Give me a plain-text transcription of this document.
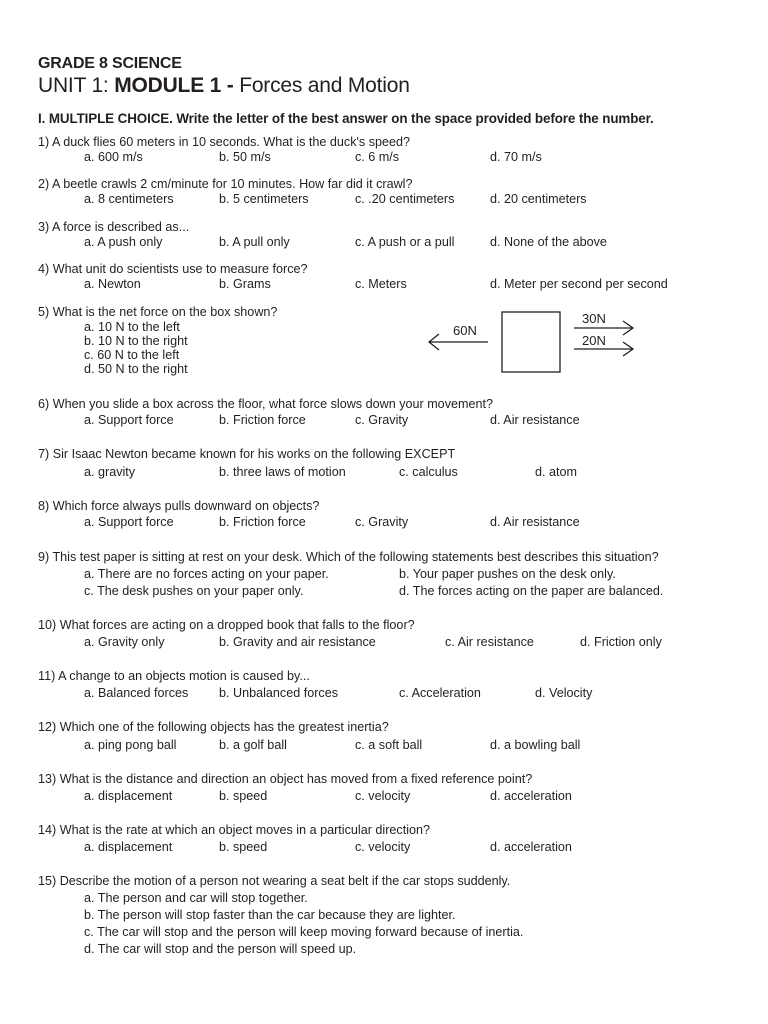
GRADE 8 SCIENCE
UNIT 1: MODULE 1 - Forces and Motion
I. MULTIPLE CHOICE. Write the letter of the best answer on the space provided before the number.
1) A duck flies 60 meters in 10 seconds. What is the duck's speed?
a. 600 m/s	b. 50 m/s	c. 6 m/s	d. 70 m/s
2) A beetle crawls 2 cm/minute for 10 minutes. How far did it crawl?
a. 8 centimeters	b. 5 centimeters	c. .20 centimeters	d. 20 centimeters
3) A force is described as...
a. A push only	b. A pull only	c. A push or a pull	d. None of the above
4) What unit do scientists use to measure force?
a. Newton	b. Grams	c. Meters	d. Meter per second per second
5) What is the net force on the box shown?
a. 10 N to the left
b. 10 N to the right
c. 60 N to the left
d. 50 N to the right
60N
30N
20N
6) When you slide a box across the floor, what force slows down your movement?
a. Support force	b. Friction force	c. Gravity	d. Air resistance
7) Sir Isaac Newton became known for his works on the following EXCEPT
a. gravity	b. three laws of motion	c. calculus	d. atom
8) Which force always pulls downward on objects?
a. Support force	b. Friction force	c. Gravity	d. Air resistance
9) This test paper is sitting at rest on your desk. Which of the following statements best describes this situation?
a. There are no forces acting on your paper.	b. Your paper pushes on the desk only.
c. The desk pushes on your paper only.	d. The forces acting on the paper are balanced.
10) What forces are acting on a dropped book that falls to the floor?
a. Gravity only	b. Gravity and air resistance	c. Air resistance	d. Friction only
11) A change to an objects motion is caused by...
a. Balanced forces b. Unbalanced forces	c. Acceleration	d. Velocity
12) Which one of the following objects has the greatest inertia?
a. ping pong ball	b. a golf ball	c. a soft ball	d. a bowling ball
13) What is the distance and direction an object has moved from a fixed reference point?
a. displacement	b. speed	c. velocity	d. acceleration
14) What is the rate at which an object moves in a particular direction?
a. displacement	b. speed	c. velocity	d. acceleration
15) Describe the motion of a person not wearing a seat belt if the car stops suddenly.
a. The person and car will stop together.
b. The person will stop faster than the car because they are lighter.
c. The car will stop and the person will keep moving forward because of inertia.
d. The car will stop and the person will speed up.
